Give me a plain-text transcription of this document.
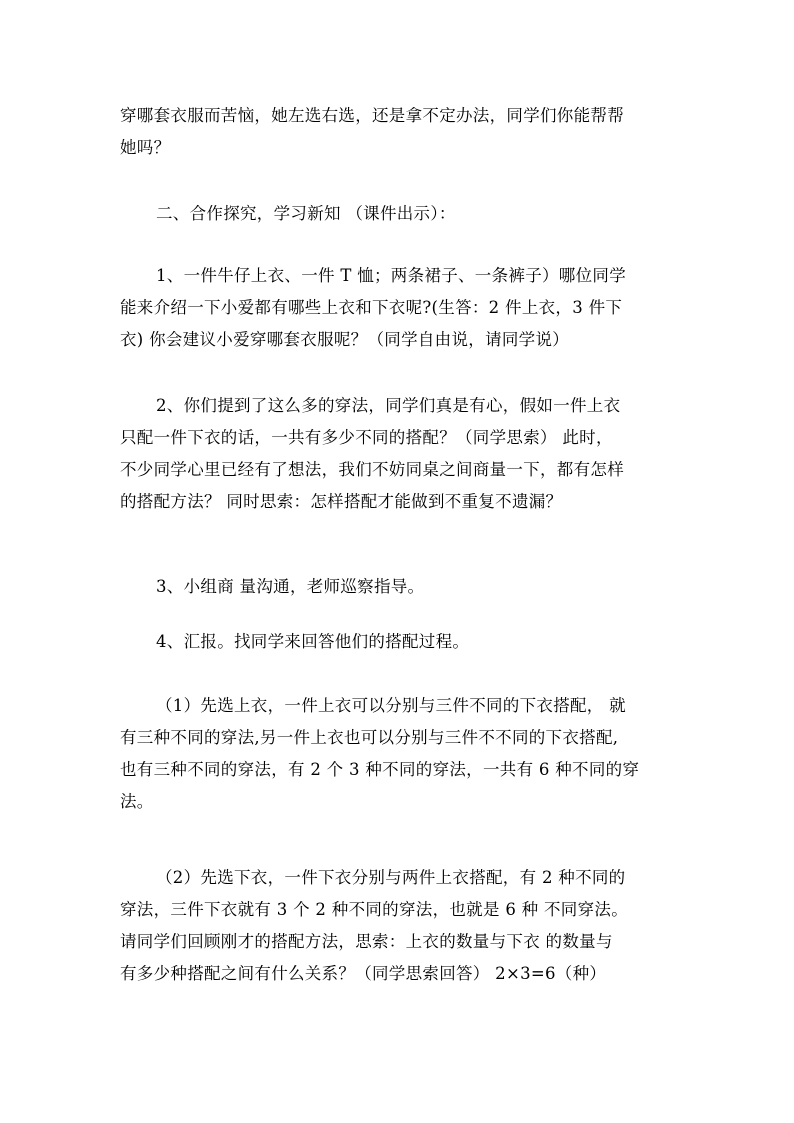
穿哪套衣服而苦恼，她左选右选，还是拿不定办法，同学们你能帮帮
她吗？
二、合作探究，学习新知 （课件出示）：
1、一件牛仔上衣、一件 T 恤；两条裙子、一条裤子）哪位同学
能来介绍一下小爱都有哪些上衣和下衣呢?(生答：2 件上衣，3 件下
衣) 你会建议小爱穿哪套衣服呢？（同学自由说，请同学说）
2、你们提到了这么多的穿法，同学们真是有心，假如一件上衣
只配一件下衣的话，一共有多少不同的搭配？（同学思索） 此时，
不少同学心里已经有了想法，我们不妨同桌之间商量一下，都有怎样
的搭配方法？ 同时思索：怎样搭配才能做到不重复不遗漏？
3、小组商 量沟通，老师巡察指导。
4、汇报。找同学来回答他们的搭配过程。
（1）先选上衣，一件上衣可以分别与三件不同的下衣搭配， 就
有三种不同的穿法,另一件上衣也可以分别与三件不不同的下衣搭配,
也有三种不同的穿法，有 2 个 3 种不同的穿法，一共有 6 种不同的穿
法。
（2）先选下衣，一件下衣分别与两件上衣搭配，有 2 种不同的
穿法，三件下衣就有 3 个 2 种不同的穿法，也就是 6 种 不同穿法。
请同学们回顾刚才的搭配方法，思索：上衣的数量与下衣 的数量与
有多少种搭配之间有什么关系？（同学思索回答） 2×3=6（种）
